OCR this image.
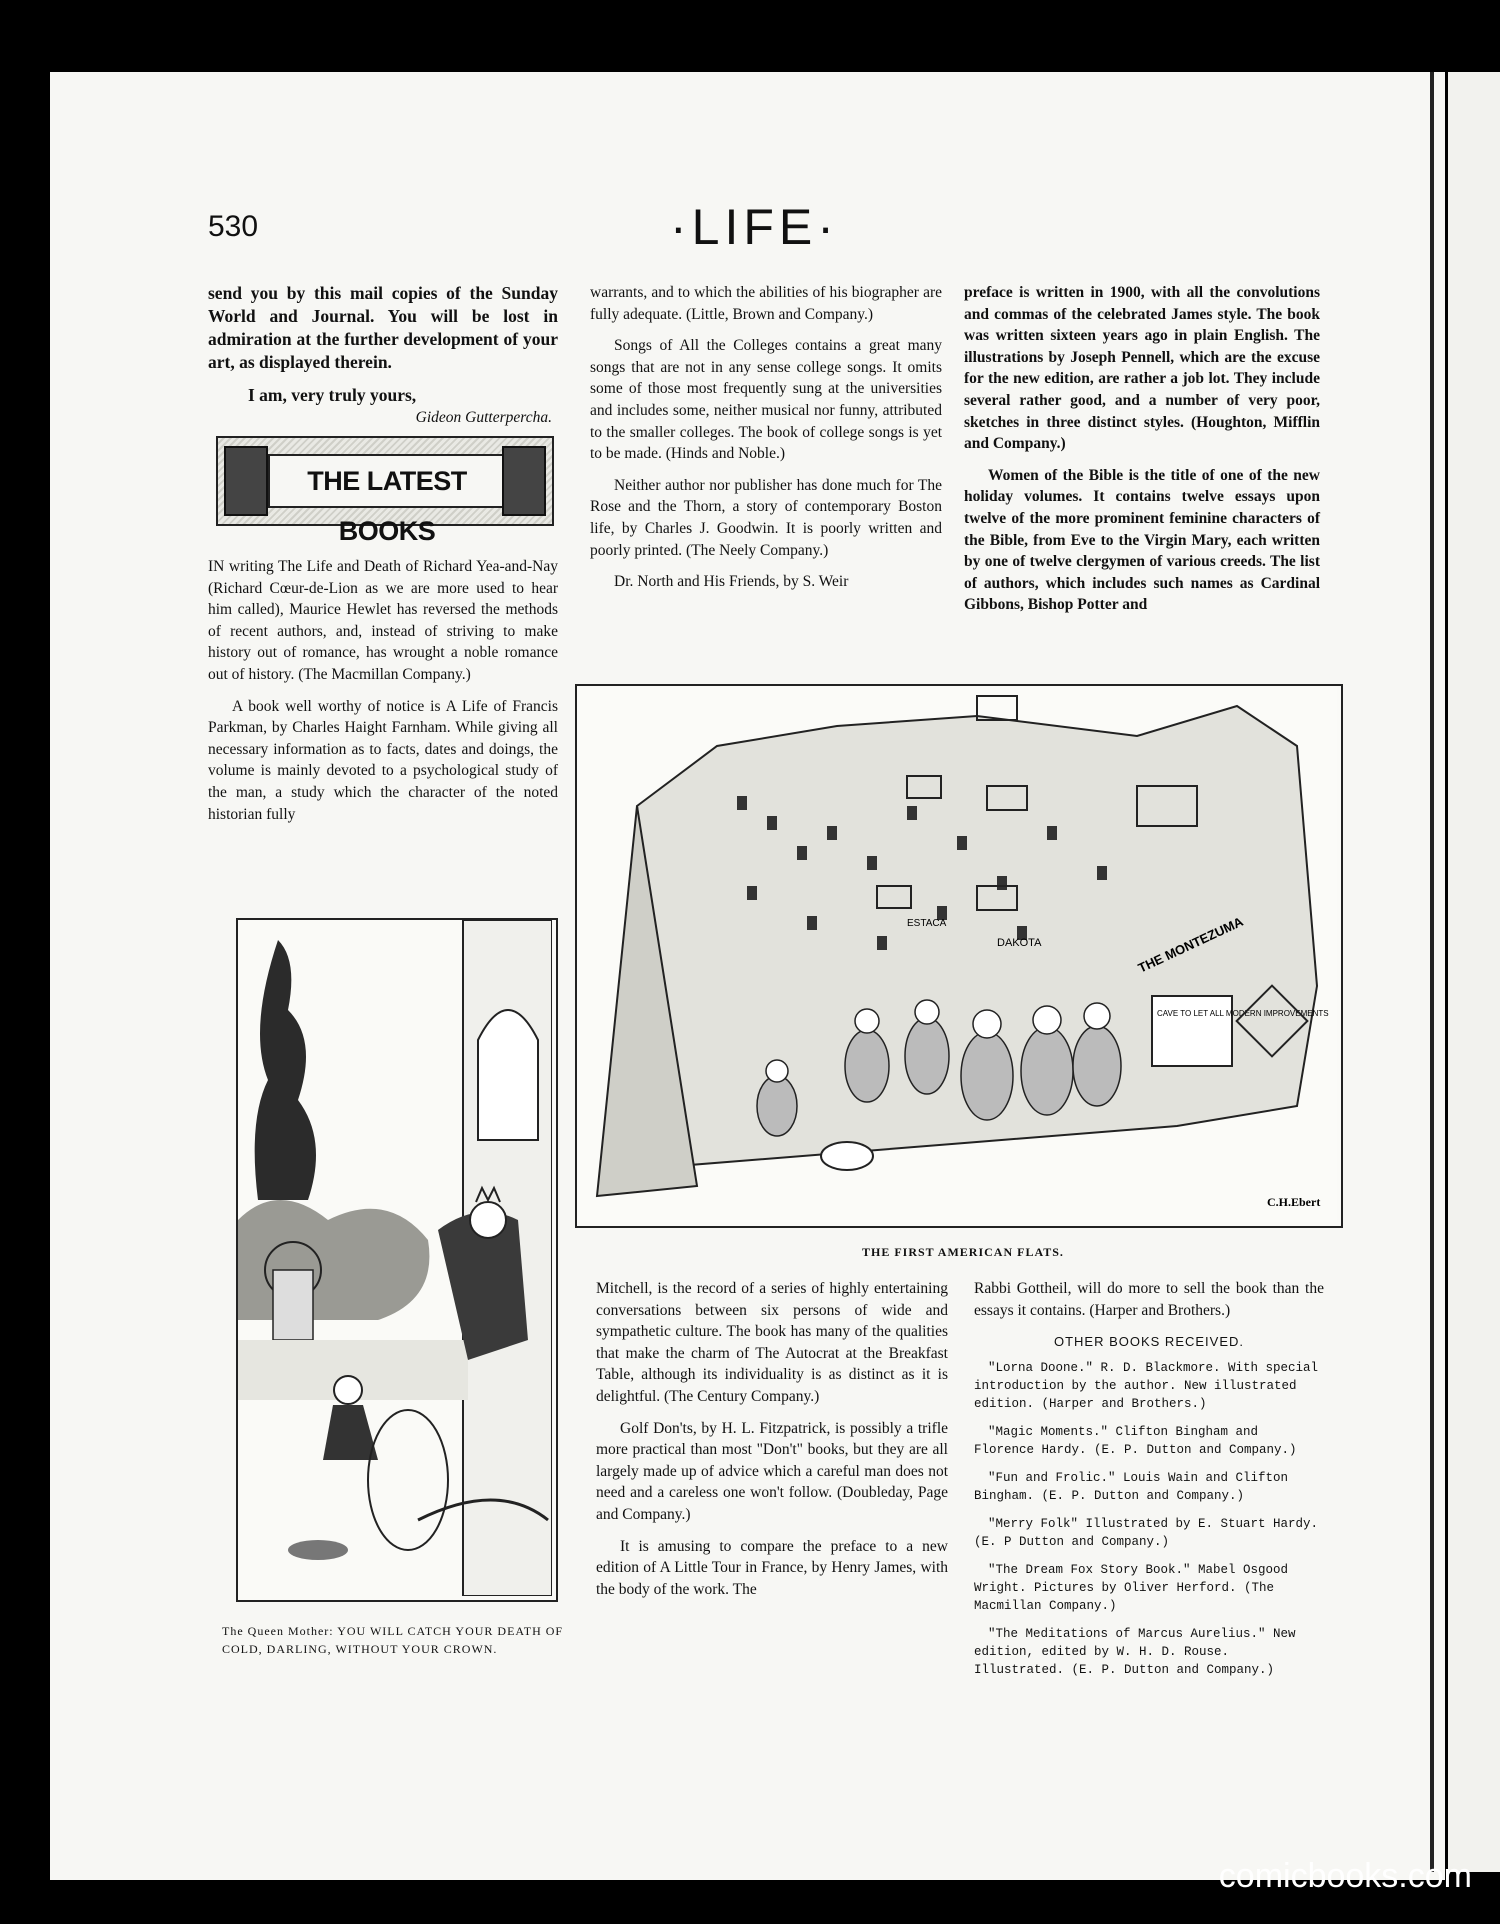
530	·LIFE·

send you by this mail copies of the Sunday World and Journal. You will be lost in admiration at the further development of your art, as displayed therein.

I am, very truly yours,

Gideon Gutterpercha.

THE LATEST BOOKS

IN writing The Life and Death of Richard Yea-and-Nay (Richard Cœur-de-Lion as we are more used to hear him called), Maurice Hewlet has reversed the methods of recent authors, and, instead of striving to make history out of romance, has wrought a noble romance out of history. (The Macmillan Company.)

A book well worthy of notice is A Life of Francis Parkman, by Charles Haight Farnham. While giving all necessary information as to facts, dates and doings, the volume is mainly devoted to a psychological study of the man, a study which the character of the noted historian fully

warrants, and to which the abilities of his biographer are fully adequate. (Little, Brown and Company.)

Songs of All the Colleges contains a great many songs that are not in any sense college songs. It omits some of those most frequently sung at the universities and includes some, neither musical nor funny, attributed to the smaller colleges. The book of college songs is yet to be made. (Hinds and Noble.)

Neither author nor publisher has done much for The Rose and the Thorn, a story of contemporary Boston life, by Charles J. Goodwin. It is poorly written and poorly printed. (The Neely Company.)

Dr. North and His Friends, by S. Weir

preface is written in 1900, with all the convolutions and commas of the celebrated James style. The book was written sixteen years ago in plain English. The illustrations by Joseph Pennell, which are the excuse for the new edition, are rather a job lot. They include several rather good, and a number of very poor, sketches in three distinct styles. (Houghton, Mifflin and Company.)

Women of the Bible is the title of one of the new holiday volumes. It contains twelve essays upon twelve of the more prominent feminine characters of the Bible, from Eve to the Virgin Mary, each written by one of twelve clergymen of various creeds. The list of authors, which includes such names as Cardinal Gibbons, Bishop Potter and

ESTACA
DAKOTA	THE MONTEZUMA
CAVE TO LET ALL MODERN IMPROVEMENTS
C.H.Ebert
THE FIRST AMERICAN FLATS.
The Queen Mother: YOU WILL CATCH YOUR DEATH OF COLD, DARLING, WITHOUT YOUR CROWN.

Mitchell, is the record of a series of highly entertaining conversations between six persons of wide and sympathetic culture. The book has many of the qualities that make the charm of The Autocrat at the Breakfast Table, although its individuality is as distinct as it is delightful. (The Century Company.)

Golf Don'ts, by H. L. Fitzpatrick, is possibly a trifle more practical than most "Don't" books, but they are all largely made up of advice which a careful man does not need and a careless one won't follow. (Doubleday, Page and Company.)

It is amusing to compare the preface to a new edition of A Little Tour in France, by Henry James, with the body of the work. The

Rabbi Gottheil, will do more to sell the book than the essays it contains. (Harper and Brothers.)

OTHER BOOKS RECEIVED.

"Lorna Doone." R. D. Blackmore. With special introduction by the author. New illustrated edition. (Harper and Brothers.)

"Magic Moments." Clifton Bingham and Florence Hardy. (E. P. Dutton and Company.)

"Fun and Frolic." Louis Wain and Clifton Bingham. (E. P. Dutton and Company.)

"Merry Folk" Illustrated by E. Stuart Hardy. (E. P Dutton and Company.)

"The Dream Fox Story Book." Mabel Osgood Wright. Pictures by Oliver Herford. (The Macmillan Company.)

"The Meditations of Marcus Aurelius." New edition, edited by W. H. D. Rouse. Illustrated. (E. P. Dutton and Company.)

comicbooks.com
